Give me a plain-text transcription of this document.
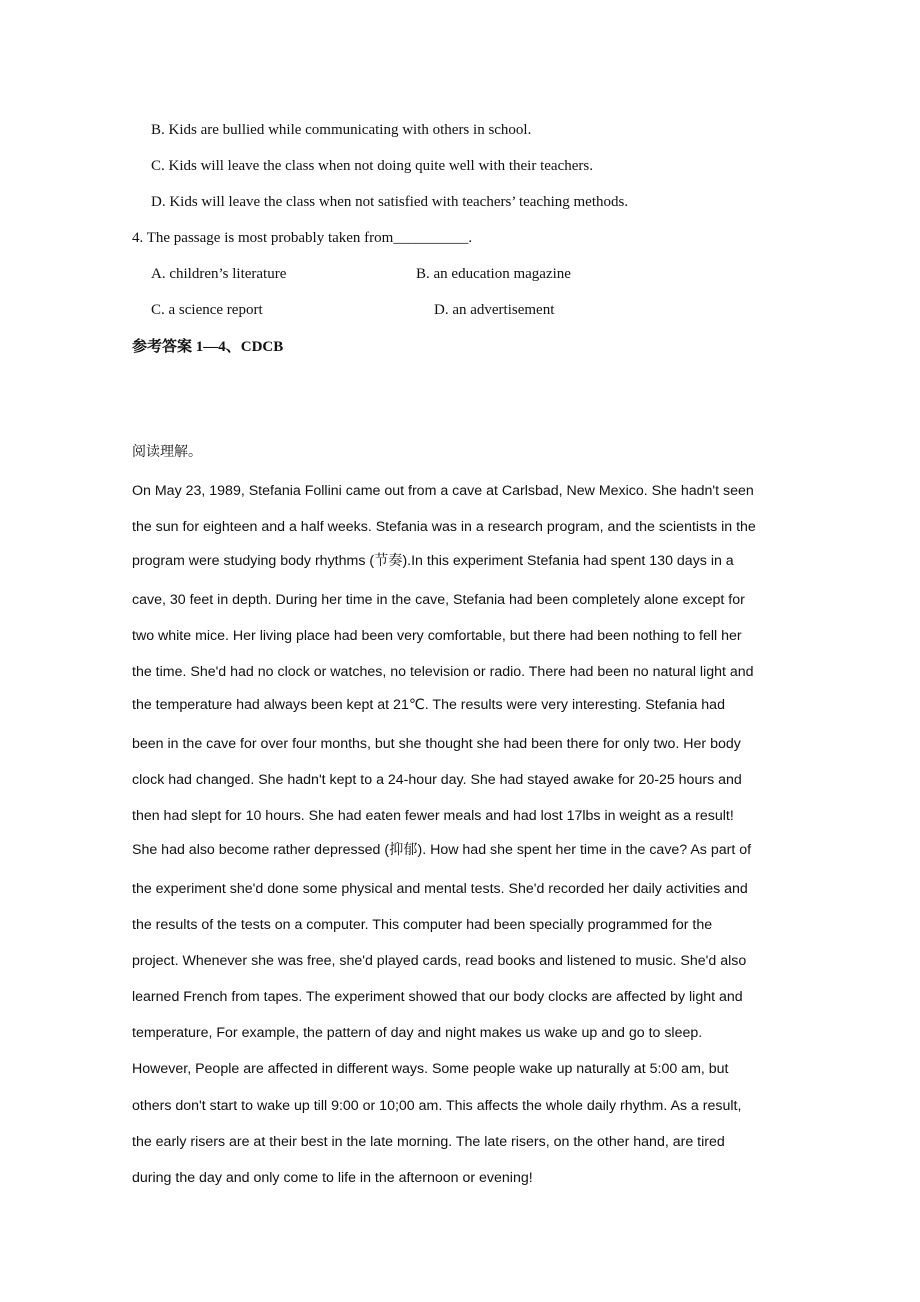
B. Kids are bullied while communicating with others in school.
C. Kids will leave the class when not doing quite well with their teachers.
D. Kids will leave the class when not satisfied with teachers’ teaching methods.
4. The passage is most probably taken from__________.
A. children’s literature	B. an education magazine
C. a science report	D. an advertisement
参考答案 1—4、CDCB
阅读理解。
On May 23, 1989, Stefania Follini came out from a cave at Carlsbad, New Mexico. She hadn't seen
the sun for eighteen and a half weeks. Stefania was in a research program, and the scientists in the
program were studying body rhythms (节奏).In this experiment Stefania had spent 130 days in a
cave, 30 feet in depth. During her time in the cave, Stefania had been completely alone except for
two white mice. Her living place had been very comfortable, but there had been nothing to fell her
the time. She'd had no clock or watches, no television or radio. There had been no natural light and
the temperature had always been kept at 21℃. The results were very interesting. Stefania had
been in the cave for over four months, but she thought she had been there for only two. Her body
clock had changed. She hadn't kept to a 24-hour day. She had stayed awake for 20-25 hours and
then had slept for 10 hours. She had eaten fewer meals and had lost 17lbs in weight as a result!
She had also become rather depressed (抑郁). How had she spent her time in the cave? As part of
the experiment she'd done some physical and mental tests. She'd recorded her daily activities and
the results of the tests on a computer. This computer had been specially programmed for the
project. Whenever she was free, she'd played cards, read books and listened to music. She'd also
learned French from tapes. The experiment showed that our body clocks are affected by light and
temperature, For example, the pattern of day and night makes us wake up and go to sleep.
However, People are affected in different ways. Some people wake up naturally at 5:00 am, but
others don't start to wake up till 9:00 or 10;00 am. This affects the whole daily rhythm. As a result,
the early risers are at their best in the late morning. The late risers, on the other hand, are tired
during the day and only come to life in the afternoon or evening!
